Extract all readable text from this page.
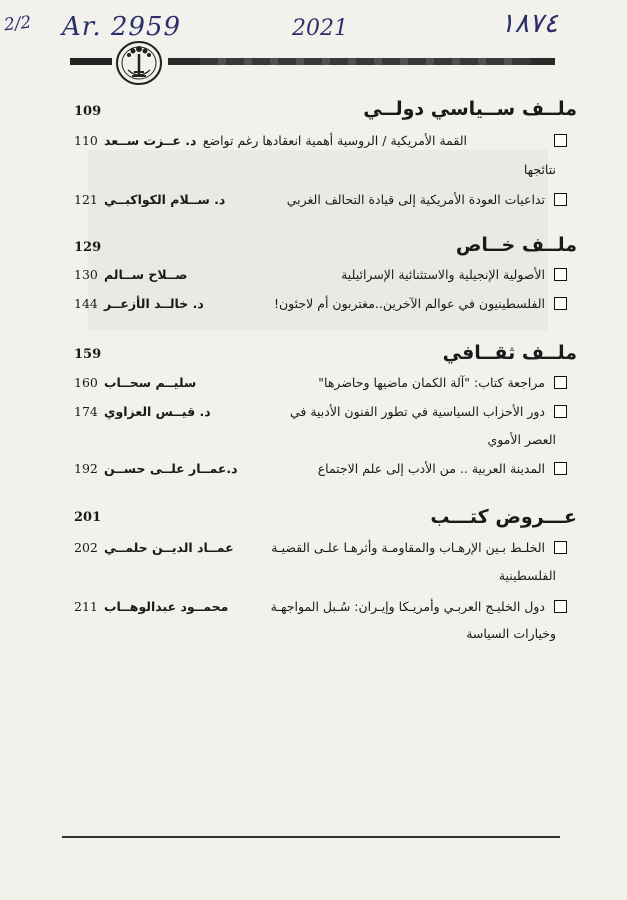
2/2 Ar. 2959	2021	١٨٧٤
ملــف ســياسي دولــي
109
د. عــزت ســعد القمة الأمريكية / الروسية أهمية انعقادها رغم تواضع
110
نتائجها
تداعيات العودة الأمريكية إلى قيادة التحالف الغربي
د. ســلام الكواكبــي
121
ملــف خــاص
129
الأصولية الإنجيلية والاستثنائية الإسرائيلية
صــلاح ســالم
130
الفلسطينيون في عوالم الآخرين..مغتربون أم لاجئون!
د. خالــد الأزعــر
144
ملــف ثقــافي
159
مراجعة كتاب: "آلة الكمان ماضيها وحاضرها"
سليــم سحــاب
160
دور الأحزاب السياسية في تطور الفنون الأدبية في
د. قيــس العزاوي
174
العصر الأموي
المدينة العربية .. من الأدب إلى علم الاجتماع
د.عمــار علــى حســن
192
عـــروض كتـــب
201
الخلـط بـين الإرهـاب والمقاومـة وأثرهـا علـى القضيـة
عمــاد الديــن حلمــي
202
الفلسطينية
دول الخليـج العربـي وأمريـكا وإيـران: سُـبل المواجهـة
محمــود عبدالوهــاب
211
وخيارات السياسة
